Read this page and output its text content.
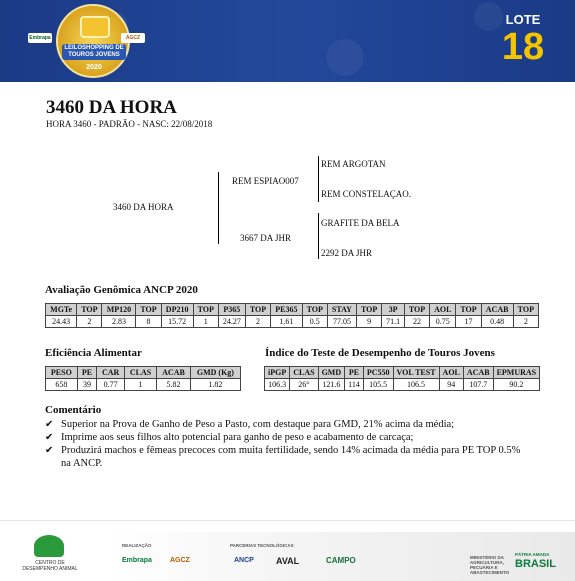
Embrapa
LEILOSHOPPING DE TOUROS JOVENS
2020
AGCZ
LOTE
18
3460 DA HORA
HORA 3460 - PADRÃO - NASC: 22/08/2018
3460 DA HORA
REM ESPIAO007
3667 DA JHR
REM ARGOTAN
REM CONSTELAÇAO.
GRAFITE DA BELA
2292 DA JHR
Avaliação Genômica ANCP 2020
MGTe	TOP	MP120	TOP	DP210	TOP	P365	TOP	PE365	TOP	STAY	TOP	3P	TOP	AOL	TOP	ACAB	TOP
24.43	2	2.83	8	15.72	1	24.27	2	1.61	0.5	77.05	9	71.1	22	0.75	17	0.48	2
Eficiência Alimentar
PESO	PE	CAR	CLAS	ACAB	GMD (Kg)
658	39	0.77	1	5.82	1.82
Índice do Teste de Desempenho de Touros Jovens
iPGP	CLAS	GMD	PE	PC550	VOL TEST	AOL	ACAB	EPMURAS
106.3	26°	121.6	114	105.5	106.5	94	107.7	90.2
Comentário
✔ Superior na Prova de Ganho de Peso a Pasto, com destaque para GMD, 21% acima da média;
✔ Imprime aos seus filhos alto potencial para ganho de peso e acabamento de carcaça;
✔ Produzirá machos e fêmeas precoces com muita fertilidade, sendo 14% acimada da média para PE TOP 0.5% na ANCP.
CENTRO DE DESEMPENHO ANIMAL
REALIZAÇÃO
Embrapa	AGCZ
PARCERIAS TECNOLÓGICAS
ANCP AVAL	CAMPO	MINISTÉRIO DA AGRICULTURA, PECUÁRIA E ABASTECIMENTO
PÁTRIA AMADA
BRASIL
